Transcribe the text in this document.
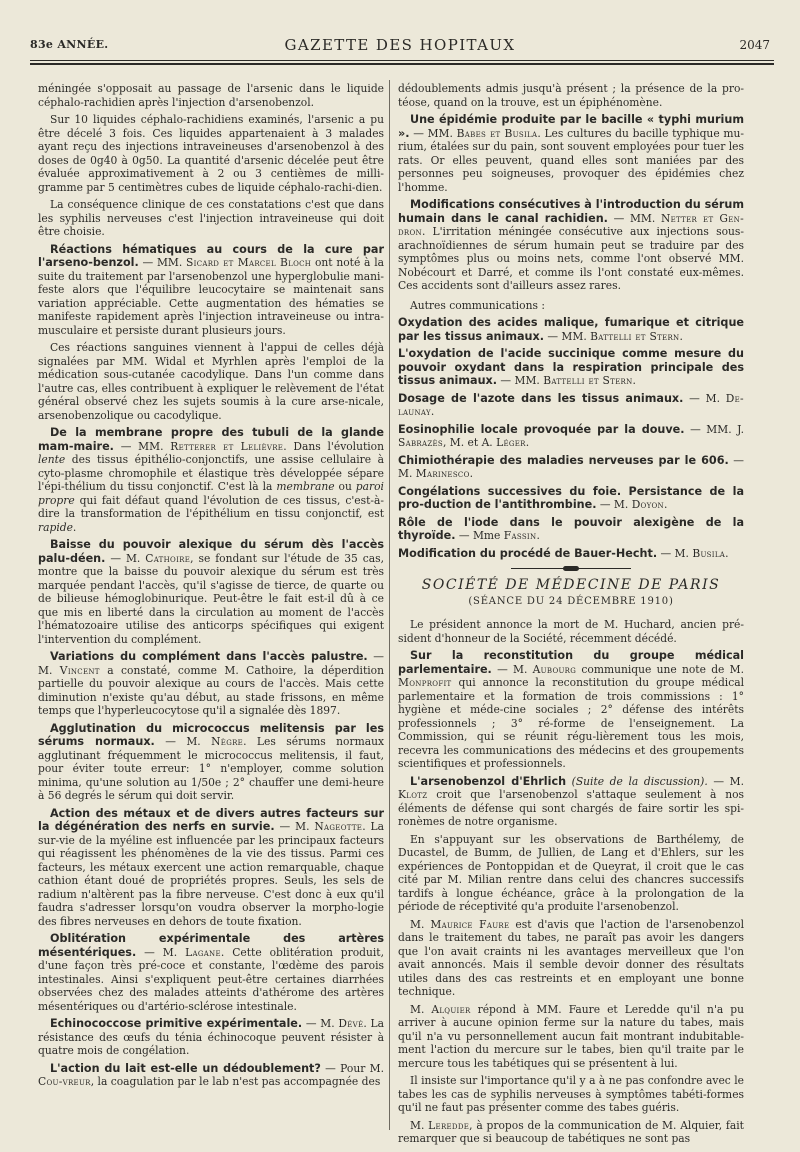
83e ANNÉE.	GAZETTE DES HOPITAUX	2047

méningée s'opposait au passage de l'arsenic dans le liquide céphalo-rachidien après l'injection d'arsenobenzol.

Sur 10 liquides céphalo-rachidiens examinés, l'arsenic a pu être décelé 3 fois. Ces liquides appartenaient à 3 malades ayant reçu des injections intraveineuses d'arsenobenzol à des doses de 0g40 à 0g50. La quantité d'arsenic décelée peut être évaluée approximativement à 2 ou 3 centièmes de milli-gramme par 5 centimètres cubes de liquide céphalo-rachi-dien.

La conséquence clinique de ces constatations c'est que dans les syphilis nerveuses c'est l'injection intraveineuse qui doit être choisie.

Réactions hématiques au cours de la cure par l'arseno-benzol. — MM. Sicard et Marcel Bloch ont noté à la suite du traitement par l'arsenobenzol une hyperglobulie mani-feste alors que l'équilibre leucocytaire se maintenait sans variation appréciable. Cette augmentation des hématies se manifeste rapidement après l'injection intraveineuse ou intra-musculaire et persiste durant plusieurs jours.

Ces réactions sanguines viennent à l'appui de celles déjà signalées par MM. Widal et Myrhlen après l'emploi de la médication sous-cutanée cacodylique. Dans l'un comme dans l'autre cas, elles contribuent à expliquer le relèvement de l'état général observé chez les sujets soumis à la cure arse-nicale, arsenobenzolique ou cacodylique.

De la membrane propre des tubuli de la glande mam-maire. — MM. Retterer et Lelièvre. Dans l'évolution lente des tissus épithélio-conjonctifs, une assise cellulaire à cyto-plasme chromophile et élastique très développée sépare l'épi-thélium du tissu conjonctif. C'est là la membrane ou paroi propre qui fait défaut quand l'évolution de ces tissus, c'est-à-dire la transformation de l'épithélium en tissu conjonctif, est rapide.

Baisse du pouvoir alexique du sérum dès l'accès palu-déen. — M. Cathoire, se fondant sur l'étude de 35 cas, montre que la baisse du pouvoir alexique du sérum est très marquée pendant l'accès, qu'il s'agisse de tierce, de quarte ou de bilieuse hémoglobinurique. Peut-être le fait est-il dû à ce que mis en liberté dans la circulation au moment de l'accès l'hématozoaire utilise des anticorps spécifiques qui exigent l'intervention du complément.

Variations du complément dans l'accès palustre. — M. Vincent a constaté, comme M. Cathoire, la déperdition partielle du pouvoir alexique au cours de l'accès. Mais cette diminution n'existe qu'au début, au stade frissons, en même temps que l'hyperleucocytose qu'il a signalée dès 1897.

Agglutination du micrococcus melitensis par les sérums normaux. — M. Nègre. Les sérums normaux agglutinant fréquemment le micrococcus melitensis, il faut, pour éviter toute erreur: 1° n'employer, comme solution minima, qu'une solution au 1/50e ; 2° chauffer une demi-heure à 56 degrés le sérum qui doit servir.

Action des métaux et de divers autres facteurs sur la dégénération des nerfs en survie. — M. Nageotte. La sur-vie de la myéline est influencée par les principaux facteurs qui réagissent les phénomènes de la vie des tissus. Parmi ces facteurs, les métaux exercent une action remarquable, chaque cathion étant doué de propriétés propres. Seuls, les sels de radium n'altèrent pas la fibre nerveuse. C'est donc à eux qu'il faudra s'adresser lorsqu'on voudra observer la morpho-logie des fibres nerveuses en dehors de toute fixation.

Oblitération expérimentale des artères mésentériques. — M. Lagane. Cette oblitération produit, d'une façon très pré-coce et constante, l'œdème des parois intestinales. Ainsi s'expliquent peut-être certaines diarrhées observées chez des malades atteints d'athérome des artères mésentériques ou d'artério-sclérose intestinale.

Echinococcose primitive expérimentale. — M. Dévé. La résistance des œufs du ténia échinocoque peuvent résister à quatre mois de congélation.

L'action du lait est-elle un dédoublement? — Pour M. Cou-vreur, la coagulation par le lab n'est pas accompagnée des

dédoublements admis jusqu'à présent ; la présence de la pro-téose, quand on la trouve, est un épiphénomène.

Une épidémie produite par le bacille « typhi murium ». — MM. Babes et Busila. Les cultures du bacille typhique mu-rium, étalées sur du pain, sont souvent employées pour tuer les rats. Or elles peuvent, quand elles sont maniées par des personnes peu soigneuses, provoquer des épidémies chez l'homme.

Modifications consécutives à l'introduction du sérum humain dans le canal rachidien. — MM. Netter et Gen-dron. L'irritation méningée consécutive aux injections sous-arachnoïdiennes de sérum humain peut se traduire par des symptômes plus ou moins nets, comme l'ont observé MM. Nobécourt et Darré, et comme ils l'ont constaté eux-mêmes. Ces accidents sont d'ailleurs assez rares.

Autres communications :

Oxydation des acides malique, fumarique et citrique par les tissus animaux. — MM. Battelli et Stern.

L'oxydation de l'acide succinique comme mesure du pouvoir oxydant dans la respiration principale des tissus animaux. — MM. Battelli et Stern.

Dosage de l'azote dans les tissus animaux. — M. De-launay.

Eosinophilie locale provoquée par la douve. — MM. J. Sabrazès, M. et A. Léger.

Chimiothérapie des maladies nerveuses par le 606. — M. Marinesco.

Congélations successives du foie. Persistance de la pro-duction de l'antithrombine. — M. Doyon.

Rôle de l'iode dans le pouvoir alexigène de la thyroïde. — Mme Fassin.

Modification du procédé de Bauer-Hecht. — M. Busila.

SOCIÉTÉ DE MÉDECINE DE PARIS
(SÉANCE DU 24 DÉCEMBRE 1910)

Le président annonce la mort de M. Huchard, ancien pré-sident d'honneur de la Société, récemment décédé.

Sur la reconstitution du groupe médical parlementaire. — M. Aubourg communique une note de M. Monprofit qui annonce la reconstitution du groupe médical parlementaire et la formation de trois commissions : 1° hygiène et méde-cine sociales ; 2° défense des intérêts professionnels ; 3° ré-forme de l'enseignement. La Commission, qui se réunit régu-lièrement tous les mois, recevra les communications des médecins et des groupements scientifiques et professionnels.

L'arsenobenzol d'Ehrlich (Suite de la discussion). — M. Klotz croit que l'arsenobenzol s'attaque seulement à nos éléments de défense qui sont chargés de faire sortir les spi-ronèmes de notre organisme.

En s'appuyant sur les observations de Barthélemy, de Ducastel, de Bumm, de Jullien, de Lang et d'Ehlers, sur les expériences de Pontoppidan et de Queyrat, il croit que le cas cité par M. Milian rentre dans celui des chancres successifs tardifs à longue échéance, grâce à la prolongation de la période de réceptivité qu'a produite l'arsenobenzol.

M. Maurice Faure est d'avis que l'action de l'arsenobenzol dans le traitement du tabes, ne paraît pas avoir les dangers que l'on avait craints ni les avantages merveilleux que l'on avait annoncés. Mais il semble devoir donner des résultats utiles dans des cas restreints et en employant une bonne technique.

M. Alquier répond à MM. Faure et Leredde qu'il n'a pu arriver à aucune opinion ferme sur la nature du tabes, mais qu'il n'a vu personnellement aucun fait montrant indubitable-ment l'action du mercure sur le tabes, bien qu'il traite par le mercure tous les tabétiques qui se présentent à lui.

Il insiste sur l'importance qu'il y a à ne pas confondre avec le tabes les cas de syphilis nerveuses à symptômes tabéti-formes qu'il ne faut pas présenter comme des tabes guéris.

M. Leredde, à propos de la communication de M. Alquier, fait remarquer que si beaucoup de tabétiques ne sont pas
